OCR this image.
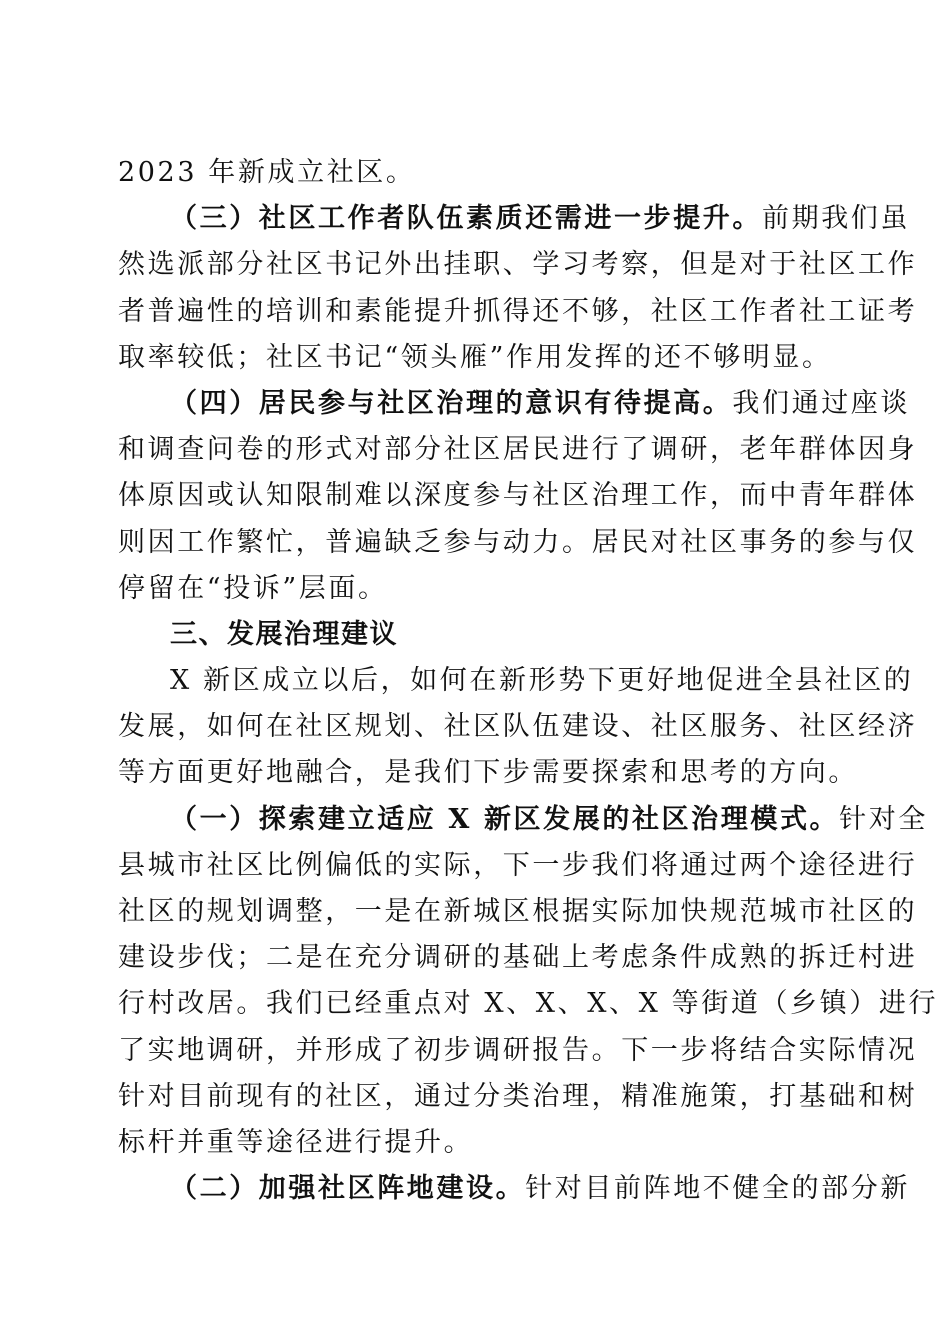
2023 年新成立社区。
（三）社区工作者队伍素质还需进一步提升。前期我们虽
然选派部分社区书记外出挂职、学习考察，但是对于社区工作
者普遍性的培训和素能提升抓得还不够，社区工作者社工证考
取率较低；社区书记“领头雁”作用发挥的还不够明显。
（四）居民参与社区治理的意识有待提高。我们通过座谈
和调查问卷的形式对部分社区居民进行了调研，老年群体因身
体原因或认知限制难以深度参与社区治理工作，而中青年群体
则因工作繁忙，普遍缺乏参与动力。居民对社区事务的参与仅
停留在“投诉”层面。
三、发展治理建议
X 新区成立以后，如何在新形势下更好地促进全县社区的
发展，如何在社区规划、社区队伍建设、社区服务、社区经济
等方面更好地融合，是我们下步需要探索和思考的方向。
（一）探索建立适应 X 新区发展的社区治理模式。针对全
县城市社区比例偏低的实际，下一步我们将通过两个途径进行
社区的规划调整，一是在新城区根据实际加快规范城市社区的
建设步伐；二是在充分调研的基础上考虑条件成熟的拆迁村进
行村改居。我们已经重点对 X、X、X、X 等街道（乡镇）进行
了实地调研，并形成了初步调研报告。下一步将结合实际情况
针对目前现有的社区，通过分类治理，精准施策，打基础和树
标杆并重等途径进行提升。
（二）加强社区阵地建设。针对目前阵地不健全的部分新
